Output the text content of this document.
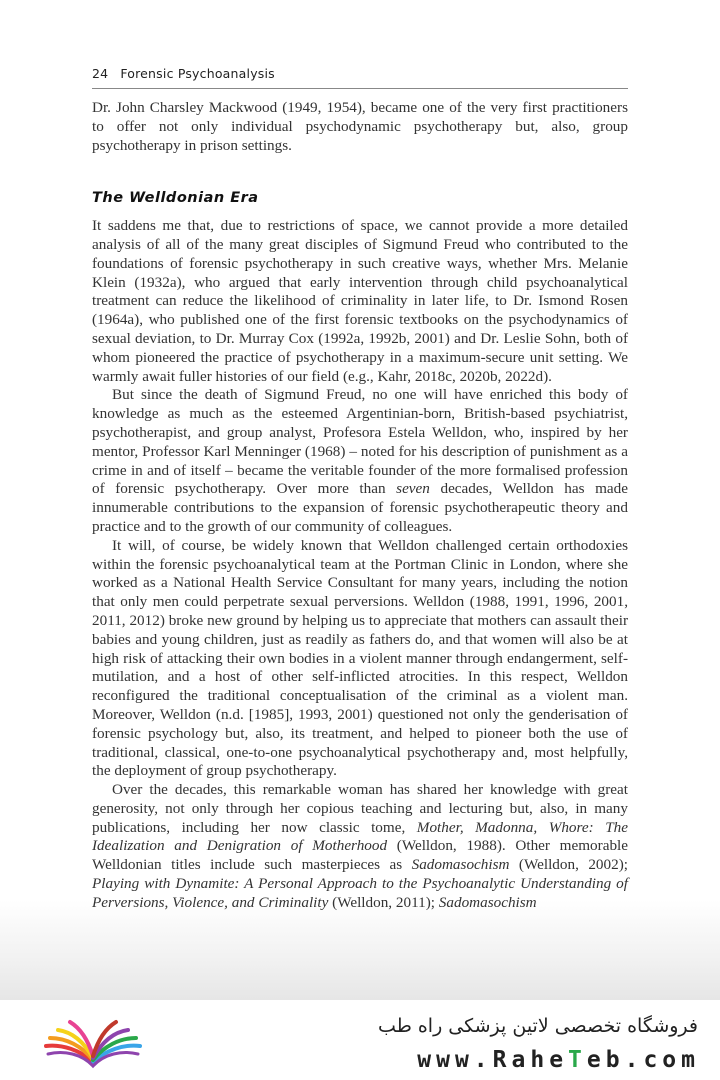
24 Forensic Psychoanalysis

Dr. John Charsley Mackwood (1949, 1954), became one of the very first practitioners to offer not only individual psychodynamic psychotherapy but, also, group psychotherapy in prison settings.

The Welldonian Era

It saddens me that, due to restrictions of space, we cannot provide a more detailed analysis of all of the many great disciples of Sigmund Freud who contributed to the foundations of forensic psychotherapy in such creative ways, whether Mrs. Melanie Klein (1932a), who argued that early intervention through child psychoanalytical treatment can reduce the likelihood of criminality in later life, to Dr. Ismond Rosen (1964a), who published one of the first forensic textbooks on the psychodynamics of sexual deviation, to Dr. Murray Cox (1992a, 1992b, 2001) and Dr. Leslie Sohn, both of whom pioneered the practice of psychotherapy in a maximum-secure unit setting. We warmly await fuller histories of our field (e.g., Kahr, 2018c, 2020b, 2022d).

But since the death of Sigmund Freud, no one will have enriched this body of knowledge as much as the esteemed Argentinian-born, British-based psychiatrist, psychotherapist, and group analyst, Profesora Estela Welldon, who, inspired by her mentor, Professor Karl Menninger (1968) – noted for his description of punishment as a crime in and of itself – became the veritable founder of the more formalised profession of forensic psychotherapy. Over more than seven decades, Welldon has made innumerable contributions to the expansion of forensic psychotherapeutic theory and practice and to the growth of our community of colleagues.

It will, of course, be widely known that Welldon challenged certain orthodoxies within the forensic psychoanalytical team at the Portman Clinic in London, where she worked as a National Health Service Consultant for many years, including the notion that only men could perpetrate sexual perversions. Welldon (1988, 1991, 1996, 2001, 2011, 2012) broke new ground by helping us to appreciate that mothers can assault their babies and young children, just as readily as fathers do, and that women will also be at high risk of attacking their own bodies in a violent manner through endangerment, self-mutilation, and a host of other self-inflicted atrocities. In this respect, Welldon reconfigured the traditional conceptualisation of the criminal as a violent man. Moreover, Welldon (n.d. [1985], 1993, 2001) questioned not only the genderisation of forensic psychology but, also, its treatment, and helped to pioneer both the use of traditional, classical, one-to-one psychoanalytical psychotherapy and, most helpfully, the deployment of group psychotherapy.

Over the decades, this remarkable woman has shared her knowledge with great generosity, not only through her copious teaching and lecturing but, also, in many publications, including her now classic tome, Mother, Madonna, Whore: The Idealization and Denigration of Motherhood (Welldon, 1988). Other memorable Welldonian titles include such masterpieces as Sadomasochism (Welldon, 2002); Playing with Dynamite: A Personal Approach to the Psychoanalytic Understanding of Perversions, Violence, and Criminality (Welldon, 2011); Sadomasochism

فروشگاه تخصصی لاتین پزشکی راه طب
www.RaheTeb.com
